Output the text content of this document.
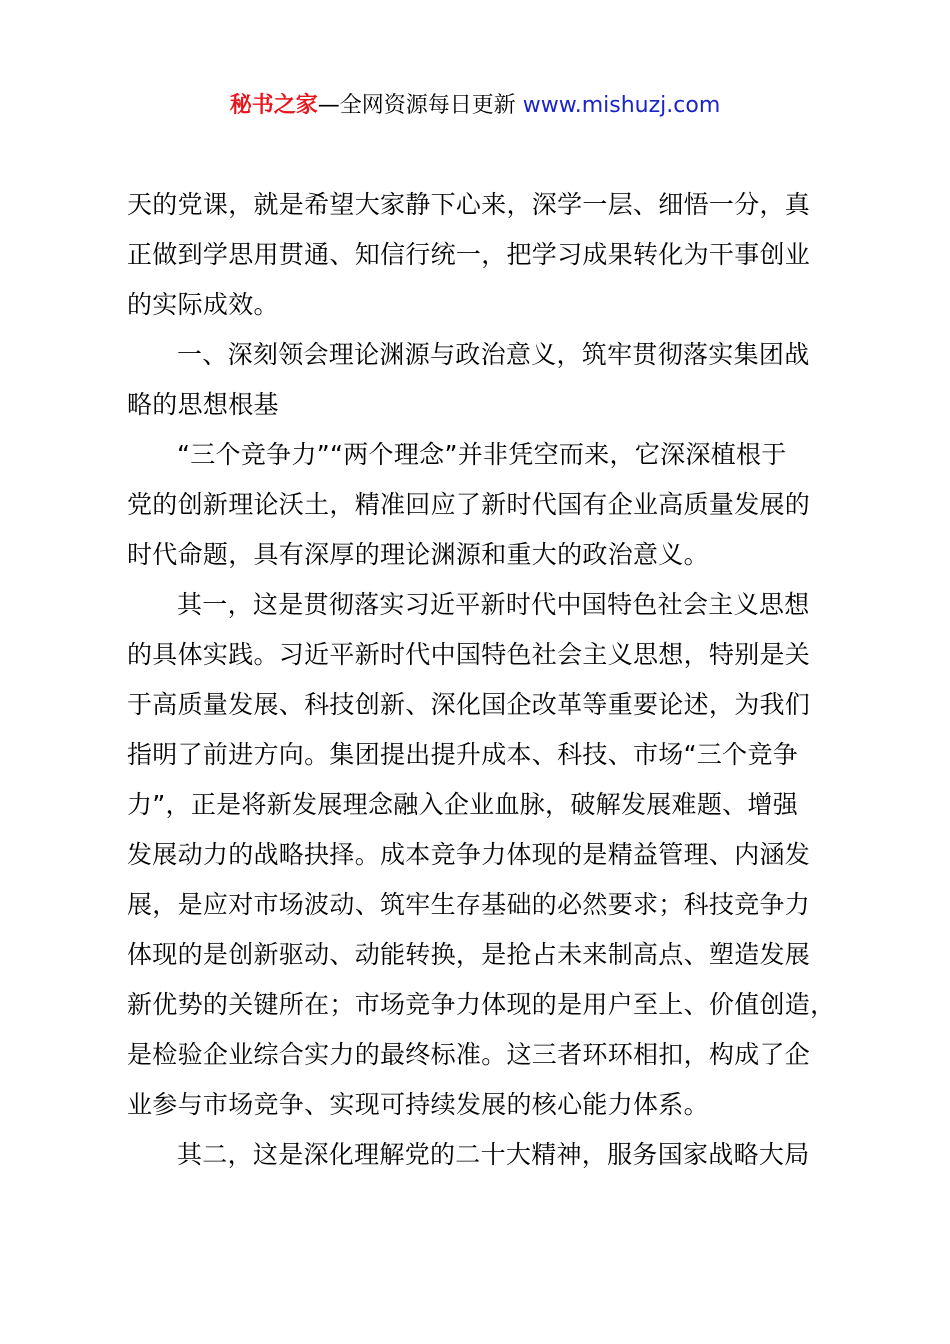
秘书之家—全网资源每日更新 www.mishuzj.com
天的党课，就是希望大家静下心来，深学一层、细悟一分，真
正做到学思用贯通、知信行统一，把学习成果转化为干事创业
的实际成效。
一、深刻领会理论渊源与政治意义，筑牢贯彻落实集团战
略的思想根基
“三个竞争力”“两个理念”并非凭空而来，它深深植根于
党的创新理论沃土，精准回应了新时代国有企业高质量发展的
时代命题，具有深厚的理论渊源和重大的政治意义。
其一，这是贯彻落实习近平新时代中国特色社会主义思想
的具体实践。习近平新时代中国特色社会主义思想，特别是关
于高质量发展、科技创新、深化国企改革等重要论述，为我们
指明了前进方向。集团提出提升成本、科技、市场“三个竞争
力”，正是将新发展理念融入企业血脉，破解发展难题、增强
发展动力的战略抉择。成本竞争力体现的是精益管理、内涵发
展，是应对市场波动、筑牢生存基础的必然要求；科技竞争力
体现的是创新驱动、动能转换，是抢占未来制高点、塑造发展
新优势的关键所在；市场竞争力体现的是用户至上、价值创造，
是检验企业综合实力的最终标准。这三者环环相扣，构成了企
业参与市场竞争、实现可持续发展的核心能力体系。
其二，这是深化理解党的二十大精神，服务国家战略大局
